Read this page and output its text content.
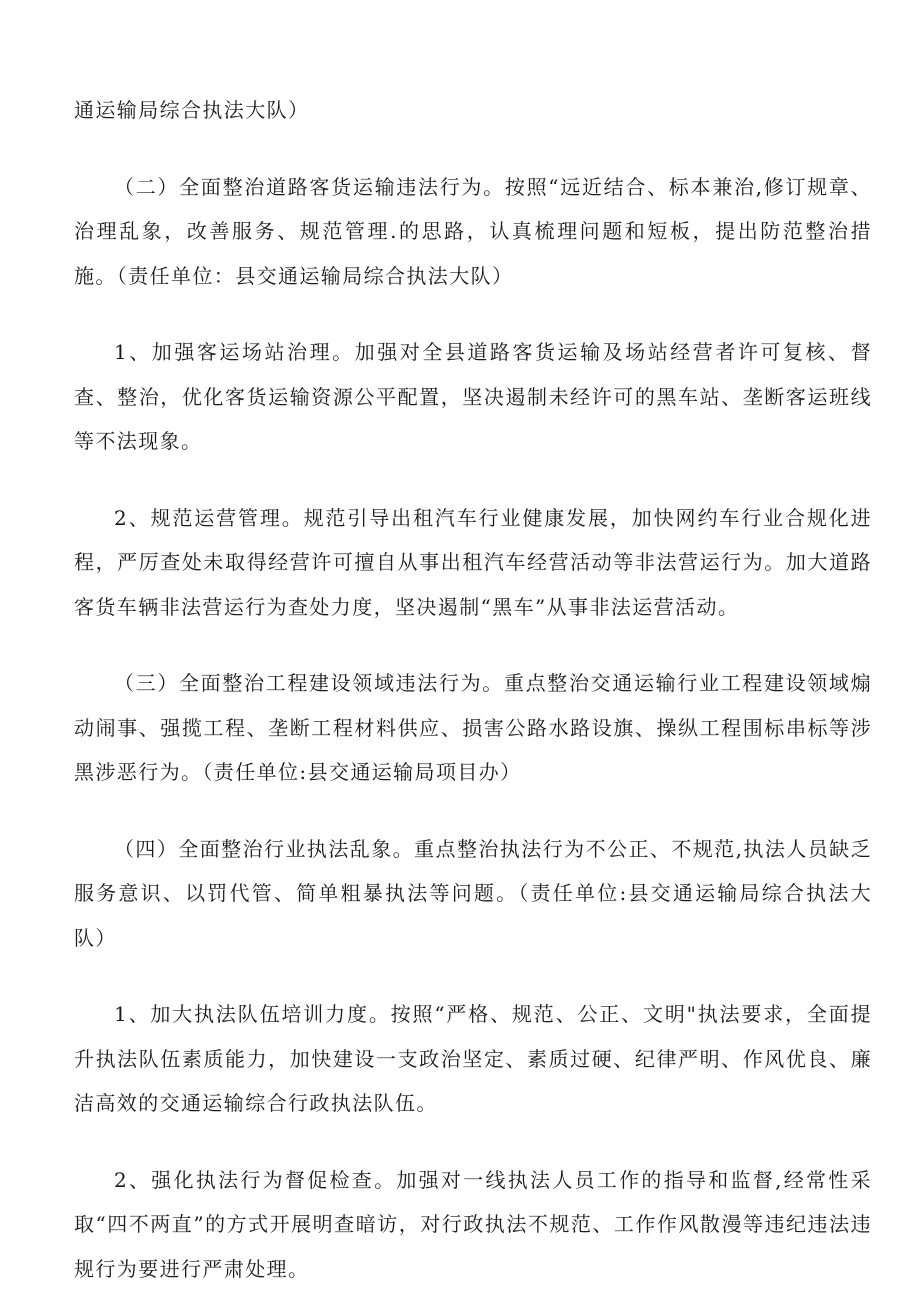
通运输局综合执法大队）

（二）全面整治道路客货运输违法行为。按照“远近结合、标本兼治,修订规章、治理乱象，改善服务、规范管理.的思路，认真梳理问题和短板，提出防范整治措施。（责任单位：县交通运输局综合执法大队）

1、加强客运场站治理。加强对全县道路客货运输及场站经营者许可复核、督查、整治，优化客货运输资源公平配置，坚决遏制未经许可的黑车站、垄断客运班线等不法现象。

2、规范运营管理。规范引导出租汽车行业健康发展，加快网约车行业合规化进程，严厉查处未取得经营许可擅自从事出租汽车经营活动等非法营运行为。加大道路客货车辆非法营运行为查处力度，坚决遏制“黑车”从事非法运营活动。

（三）全面整治工程建设领域违法行为。重点整治交通运输行业工程建设领域煽动闹事、强揽工程、垄断工程材料供应、损害公路水路设旗、操纵工程围标串标等涉黑涉恶行为。（责任单位:县交通运输局项目办）

（四）全面整治行业执法乱象。重点整治执法行为不公正、不规范,执法人员缺乏服务意识、以罚代管、简单粗暴执法等问题。（责任单位:县交通运输局综合执法大队）

1、加大执法队伍培训力度。按照“严格、规范、公正、文明"执法要求，全面提升执法队伍素质能力，加快建设一支政治坚定、素质过硬、纪律严明、作风优良、廉洁高效的交通运输综合行政执法队伍。

2、强化执法行为督促检查。加强对一线执法人员工作的指导和监督,经常性采取“四不两直”的方式开展明查暗访，对行政执法不规范、工作作风散漫等违纪违法违规行为要进行严肃处理。
